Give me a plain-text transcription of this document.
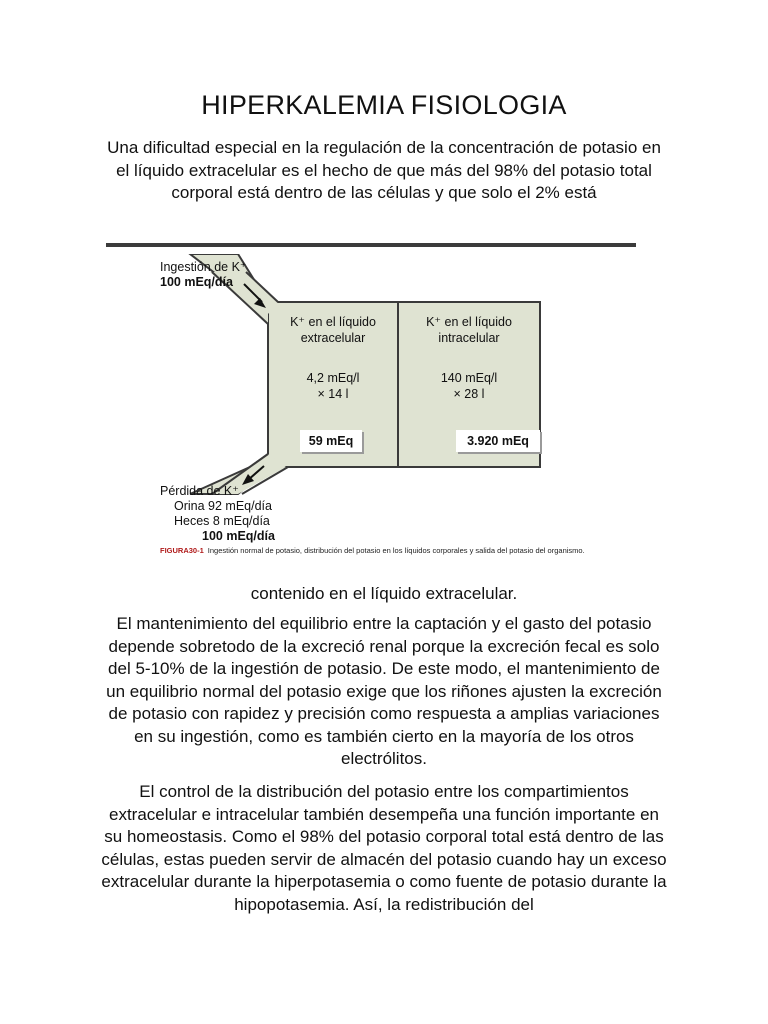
HIPERKALEMIA FISIOLOGIA

Una dificultad especial en la regulación de la concentración de potasio en el líquido extracelular es el hecho de que más del 98% del potasio total corporal está dentro de las células y que solo el 2% está

Ingestión de K⁺
100 mEq/día
K⁺ en el líquido
extracelular
4,2 mEq/l
× 14 l
59 mEq
K⁺ en el líquido
intracelular
140 mEq/l
× 28 l
3.920 mEq
Pérdida de K⁺
Orina 92 mEq/día
Heces 8 mEq/día
100 mEq/día
FIGURA30-1 Ingestión normal de potasio, distribución del potasio en los líquidos corporales y salida del potasio del organismo.

contenido en el líquido extracelular.

El mantenimiento del equilibrio entre la captación y el gasto del potasio depende sobretodo de la excreció renal porque la excreción fecal es solo del 5-10% de la ingestión de potasio. De este modo, el mantenimiento de un equilibrio normal del potasio exige que los riñones ajusten la excreción de potasio con rapidez y precisión como respuesta a amplias variaciones en su ingestión, como es también cierto en la mayoría de los otros electrólitos.

El control de la distribución del potasio entre los compartimientos extracelular e intracelular también desempeña una función importante en su homeostasis. Como el 98% del potasio corporal total está dentro de las células, estas pueden servir de almacén del potasio cuando hay un exceso extracelular durante la hiperpotasemia o como fuente de potasio durante la hipopotasemia. Así, la redistribución del
